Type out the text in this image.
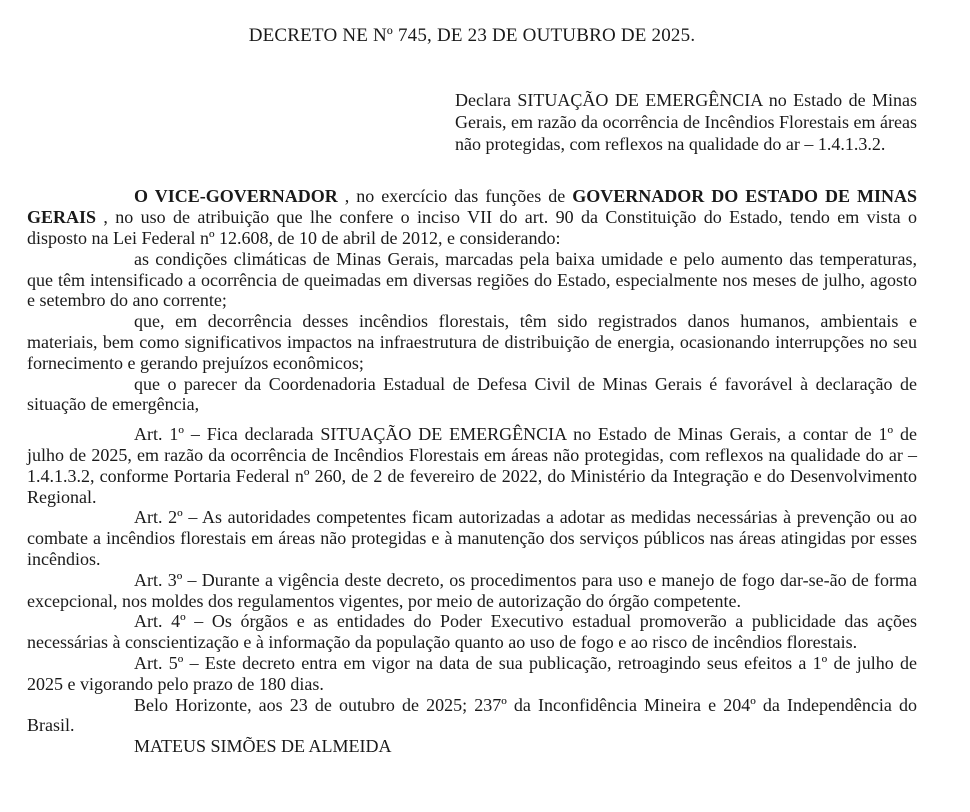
DECRETO NE Nº 745, DE 23 DE OUTUBRO DE 2025.

Declara SITUAÇÃO DE EMERGÊNCIA no Estado de Minas Gerais, em razão da ocorrência de Incêndios Florestais em áreas não protegidas, com reflexos na qualidade do ar – 1.4.1.3.2.

O VICE-GOVERNADOR , no exercício das funções de GOVERNADOR DO ESTADO DE MINAS GERAIS , no uso de atribuição que lhe confere o inciso VII do art. 90 da Constituição do Estado, tendo em vista o disposto na Lei Federal nº 12.608, de 10 de abril de 2012, e considerando:

as condições climáticas de Minas Gerais, marcadas pela baixa umidade e pelo aumento das temperaturas, que têm intensificado a ocorrência de queimadas em diversas regiões do Estado, especialmente nos meses de julho, agosto e setembro do ano corrente;

que, em decorrência desses incêndios florestais, têm sido registrados danos humanos, ambientais e materiais, bem como significativos impactos na infraestrutura de distribuição de energia, ocasionando interrupções no seu fornecimento e gerando prejuízos econômicos;

que o parecer da Coordenadoria Estadual de Defesa Civil de Minas Gerais é favorável à declaração de situação de emergência,

Art. 1º – Fica declarada SITUAÇÃO DE EMERGÊNCIA no Estado de Minas Gerais, a contar de 1º de julho de 2025, em razão da ocorrência de Incêndios Florestais em áreas não protegidas, com reflexos na qualidade do ar – 1.4.1.3.2, conforme Portaria Federal nº 260, de 2 de fevereiro de 2022, do Ministério da Integração e do Desenvolvimento Regional.

Art. 2º – As autoridades competentes ficam autorizadas a adotar as medidas necessárias à prevenção ou ao combate a incêndios florestais em áreas não protegidas e à manutenção dos serviços públicos nas áreas atingidas por esses incêndios.

Art. 3º – Durante a vigência deste decreto, os procedimentos para uso e manejo de fogo dar-se-ão de forma excepcional, nos moldes dos regulamentos vigentes, por meio de autorização do órgão competente.

Art. 4º – Os órgãos e as entidades do Poder Executivo estadual promoverão a publicidade das ações necessárias à conscientização e à informação da população quanto ao uso de fogo e ao risco de incêndios florestais.

Art. 5º – Este decreto entra em vigor na data de sua publicação, retroagindo seus efeitos a 1º de julho de 2025 e vigorando pelo prazo de 180 dias.

Belo Horizonte, aos 23 de outubro de 2025; 237º da Inconfidência Mineira e 204º da Independência do Brasil.

MATEUS SIMÕES DE ALMEIDA
